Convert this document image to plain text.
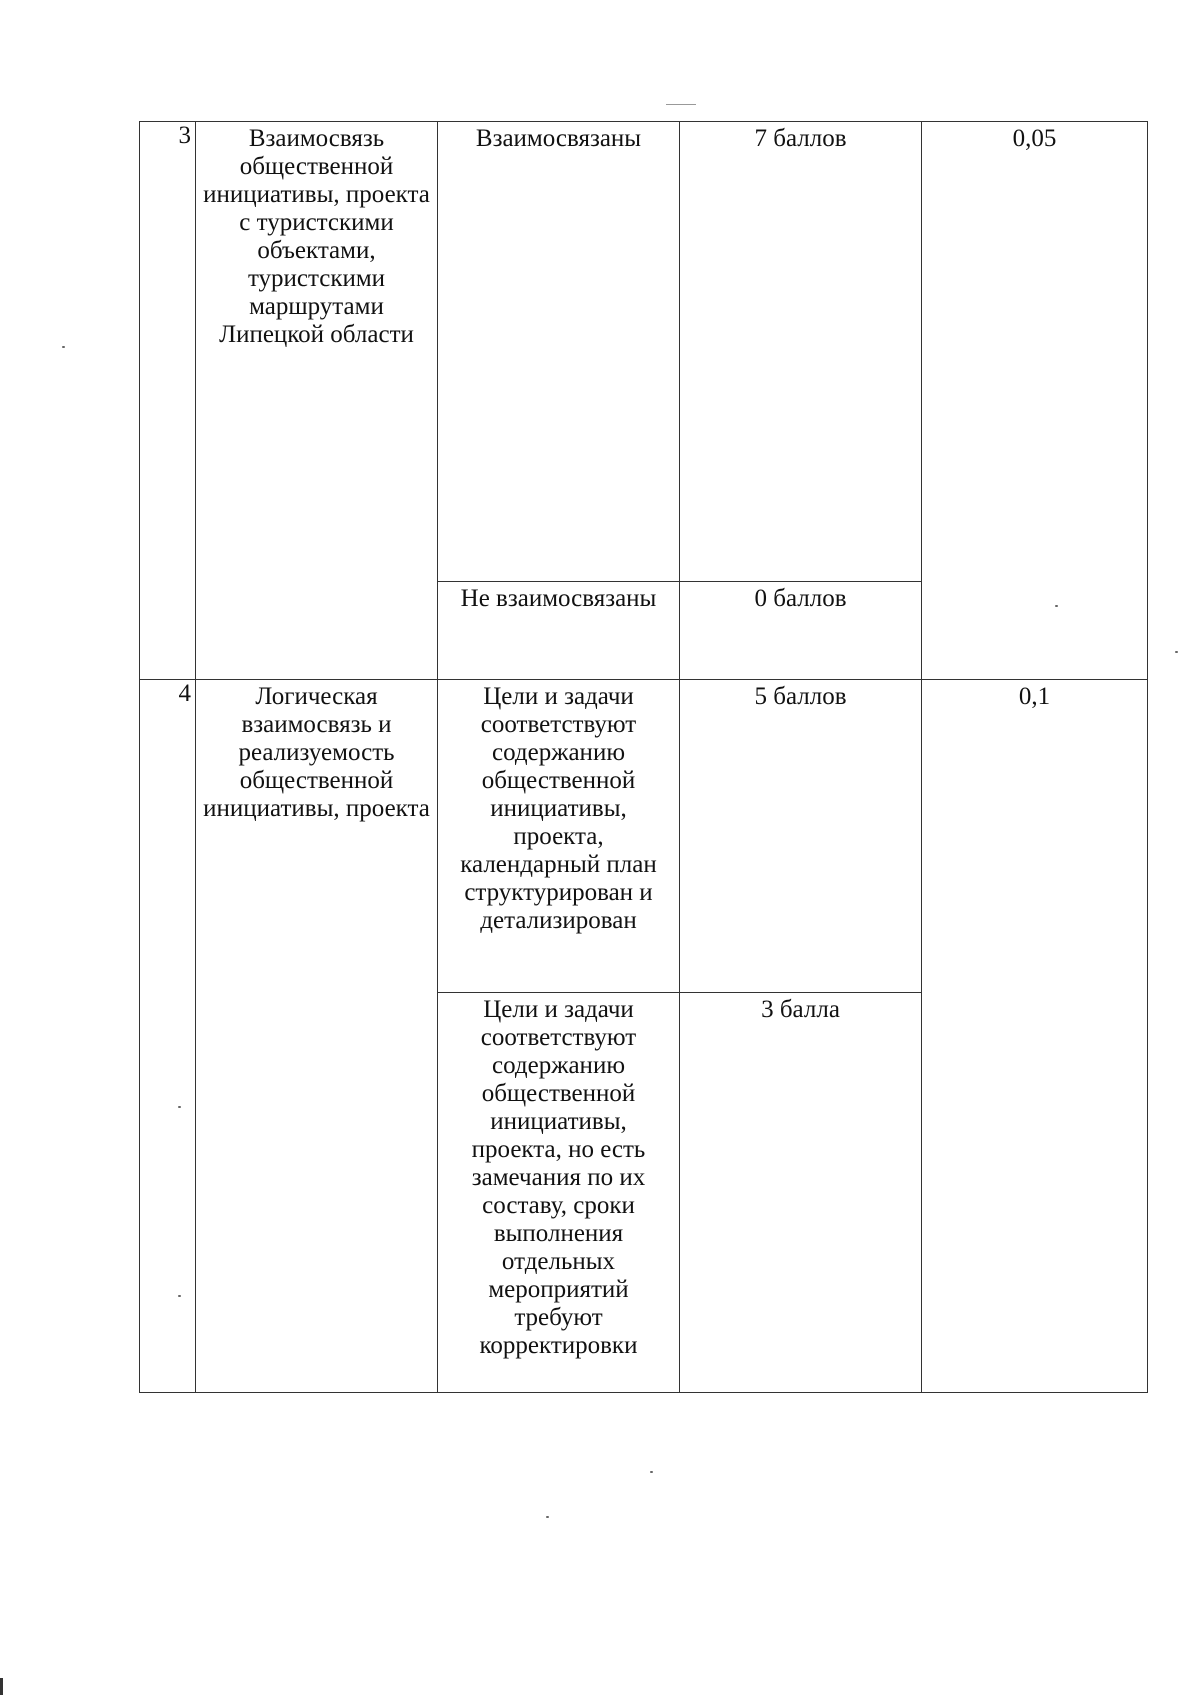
3	Взаимосвязь общественной инициативы, проекта с туристскими объектами, туристскими маршрутами Липецкой области	Взаимосвязаны	7 баллов	0,05
		Не взаимосвязаны	0 баллов	
4	Логическая взаимосвязь и реализуемость общественной инициативы, проекта	Цели и задачи соответствуют содержанию общественной инициативы, проекта, календарный план структурирован и детализирован	5 баллов	0,1
		Цели и задачи соответствуют содержанию общественной инициативы, проекта, но есть замечания по их составу, сроки выполнения отдельных мероприятий требуют корректировки	3 балла	
